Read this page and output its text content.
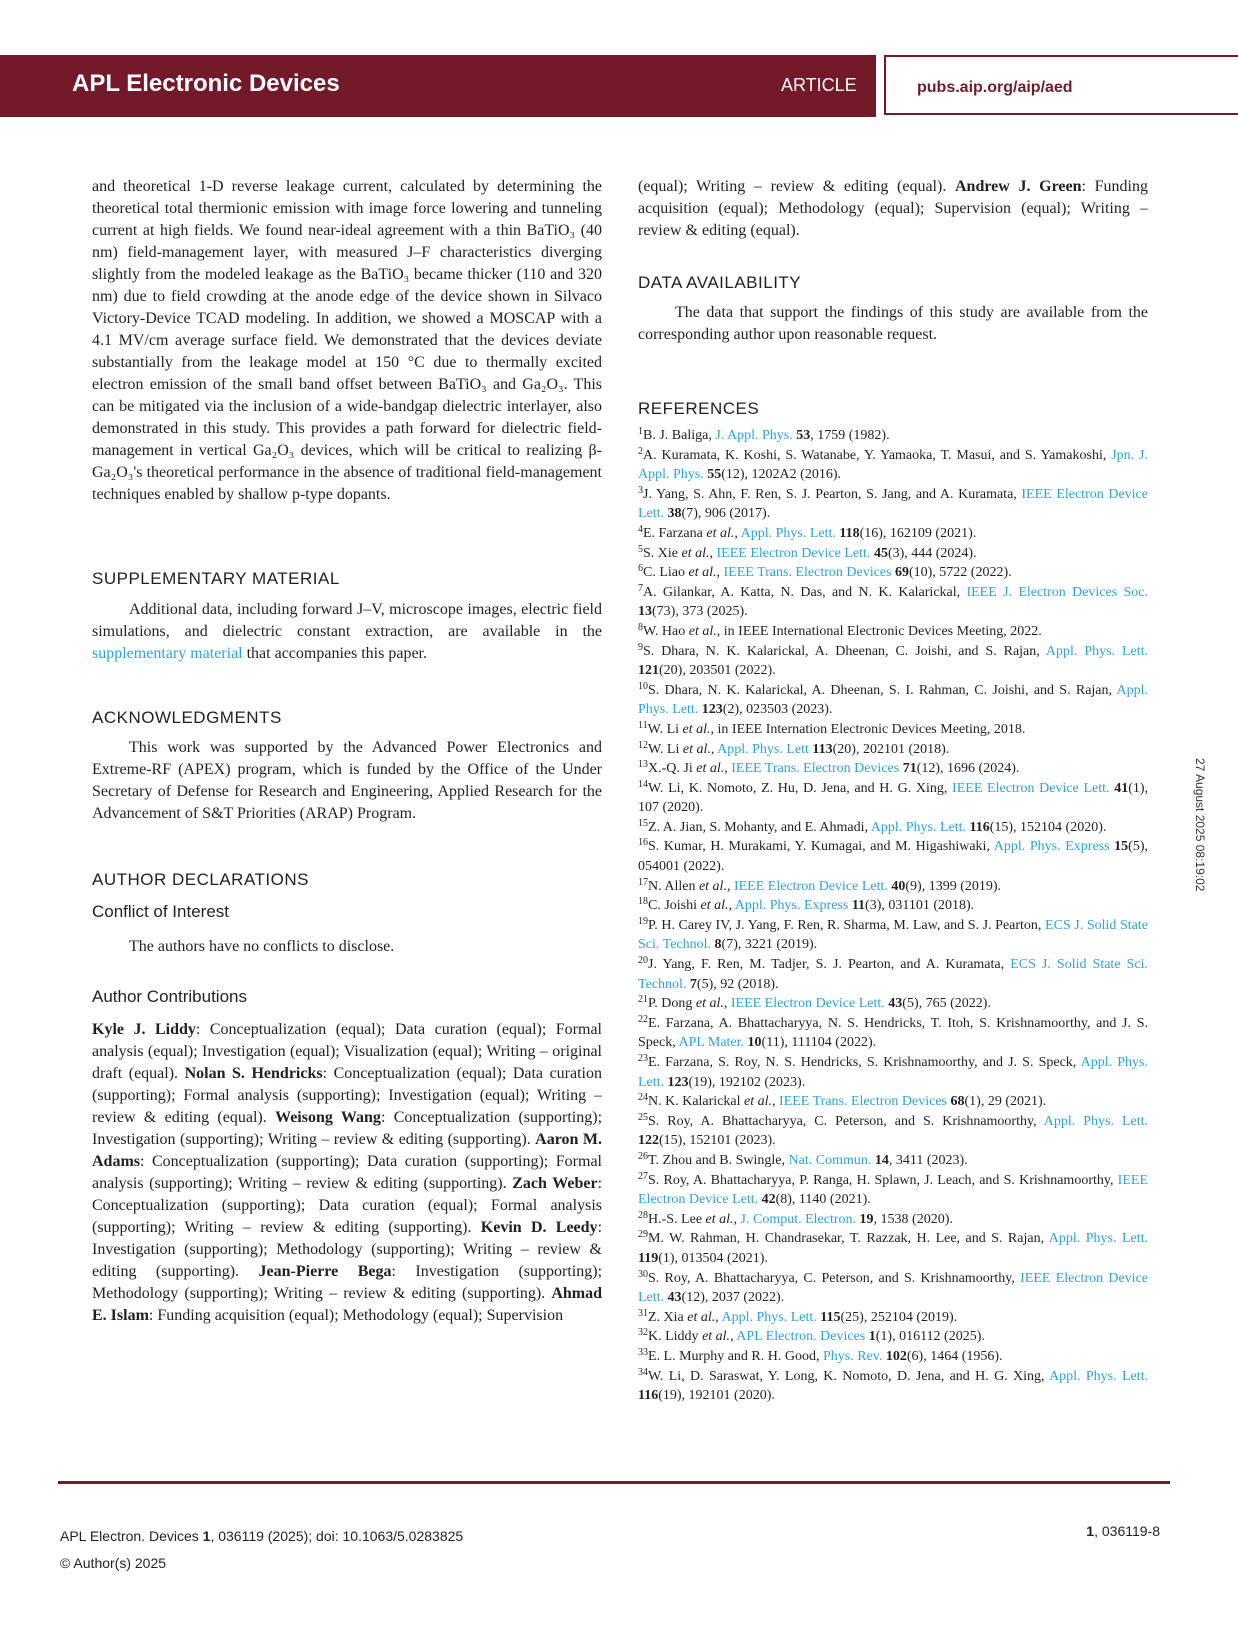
APL Electronic Devices	ARTICLE	pubs.aip.org/aip/aed

and theoretical 1-D reverse leakage current, calculated by determining the theoretical total thermionic emission with image force lowering and tunneling current at high fields. We found near-ideal agreement with a thin BaTiO₃ (40 nm) field-management layer, with measured J–F characteristics diverging slightly from the modeled leakage as the BaTiO₃ became thicker (110 and 320 nm) due to field crowding at the anode edge of the device shown in Silvaco Victory-Device TCAD modeling. In addition, we showed a MOSCAP with a 4.1 MV/cm average surface field. We demonstrated that the devices deviate substantially from the leakage model at 150 °C due to thermally excited electron emission of the small band offset between BaTiO₃ and Ga₂O₃. This can be mitigated via the inclusion of a wide-bandgap dielectric interlayer, also demonstrated in this study. This provides a path forward for dielectric field-management in vertical Ga₂O₃ devices, which will be critical to realizing β-Ga₂O₃'s theoretical performance in the absence of traditional field-management techniques enabled by shallow p-type dopants.

SUPPLEMENTARY MATERIAL

Additional data, including forward J–V, microscope images, electric field simulations, and dielectric constant extraction, are available in the supplementary material that accompanies this paper.

ACKNOWLEDGMENTS

This work was supported by the Advanced Power Electronics and Extreme-RF (APEX) program, which is funded by the Office of the Under Secretary of Defense for Research and Engineering, Applied Research for the Advancement of S&T Priorities (ARAP) Program.

AUTHOR DECLARATIONS
Conflict of Interest

The authors have no conflicts to disclose.

Author Contributions

Kyle J. Liddy: Conceptualization (equal); Data curation (equal); Formal analysis (equal); Investigation (equal); Visualization (equal); Writing – original draft (equal). Nolan S. Hendricks: Conceptualization (equal); Data curation (supporting); Formal analysis (supporting); Investigation (equal); Writing – review & editing (equal). Weisong Wang: Conceptualization (supporting); Investigation (supporting); Writing – review & editing (supporting). Aaron M. Adams: Conceptualization (supporting); Data curation (supporting); Formal analysis (supporting); Writing – review & editing (supporting). Zach Weber: Conceptualization (supporting); Data curation (equal); Formal analysis (supporting); Writing – review & editing (supporting). Kevin D. Leedy: Investigation (supporting); Methodology (supporting); Writing – review & editing (supporting). Jean-Pierre Bega: Investigation (supporting); Methodology (supporting); Writing – review & editing (supporting). Ahmad E. Islam: Funding acquisition (equal); Methodology (equal); Supervision

(equal); Writing – review & editing (equal). Andrew J. Green: Funding acquisition (equal); Methodology (equal); Supervision (equal); Writing – review & editing (equal).

DATA AVAILABILITY

The data that support the findings of this study are available from the corresponding author upon reasonable request.

REFERENCES

$^1$B. J. Baliga, J. Appl. Phys. 53, 1759 (1982).

$^2$A. Kuramata, K. Koshi, S. Watanabe, Y. Yamaoka, T. Masui, and S. Yamakoshi, Jpn. J. Appl. Phys. 55(12), 1202A2 (2016).

$^3$J. Yang, S. Ahn, F. Ren, S. J. Pearton, S. Jang, and A. Kuramata, IEEE Electron Device Lett. 38(7), 906 (2017).

$^4$E. Farzana et al., Appl. Phys. Lett. 118(16), 162109 (2021).

$^5$S. Xie et al., IEEE Electron Device Lett. 45(3), 444 (2024).

$^6$C. Liao et al., IEEE Trans. Electron Devices 69(10), 5722 (2022).

$^7$A. Gilankar, A. Katta, N. Das, and N. K. Kalarickal, IEEE J. Electron Devices Soc. 13(73), 373 (2025).

$^8$W. Hao et al., in IEEE International Electronic Devices Meeting, 2022.

$^9$S. Dhara, N. K. Kalarickal, A. Dheenan, C. Joishi, and S. Rajan, Appl. Phys. Lett. 121(20), 203501 (2022).

$^{10}$S. Dhara, N. K. Kalarickal, A. Dheenan, S. I. Rahman, C. Joishi, and S. Rajan, Appl. Phys. Lett. 123(2), 023503 (2023).

$^{11}$W. Li et al., in IEEE Internation Electronic Devices Meeting, 2018.

$^{12}$W. Li et al., Appl. Phys. Lett 113(20), 202101 (2018).

$^{13}$X.-Q. Ji et al., IEEE Trans. Electron Devices 71(12), 1696 (2024).

$^{14}$W. Li, K. Nomoto, Z. Hu, D. Jena, and H. G. Xing, IEEE Electron Device Lett. 41(1), 107 (2020).

$^{15}$Z. A. Jian, S. Mohanty, and E. Ahmadi, Appl. Phys. Lett. 116(15), 152104 (2020).

$^{16}$S. Kumar, H. Murakami, Y. Kumagai, and M. Higashiwaki, Appl. Phys. Express 15(5), 054001 (2022).

$^{17}$N. Allen et al., IEEE Electron Device Lett. 40(9), 1399 (2019).

$^{18}$C. Joishi et al., Appl. Phys. Express 11(3), 031101 (2018).

$^{19}$P. H. Carey IV, J. Yang, F. Ren, R. Sharma, M. Law, and S. J. Pearton, ECS J. Solid State Sci. Technol. 8(7), 3221 (2019).

$^{20}$J. Yang, F. Ren, M. Tadjer, S. J. Pearton, and A. Kuramata, ECS J. Solid State Sci. Technol. 7(5), 92 (2018).

$^{21}$P. Dong et al., IEEE Electron Device Lett. 43(5), 765 (2022).

$^{22}$E. Farzana, A. Bhattacharyya, N. S. Hendricks, T. Itoh, S. Krishnamoorthy, and J. S. Speck, APL Mater. 10(11), 111104 (2022).

$^{23}$E. Farzana, S. Roy, N. S. Hendricks, S. Krishnamoorthy, and J. S. Speck, Appl. Phys. Lett. 123(19), 192102 (2023).

$^{24}$N. K. Kalarickal et al., IEEE Trans. Electron Devices 68(1), 29 (2021).

$^{25}$S. Roy, A. Bhattacharyya, C. Peterson, and S. Krishnamoorthy, Appl. Phys. Lett. 122(15), 152101 (2023).

$^{26}$T. Zhou and B. Swingle, Nat. Commun. 14, 3411 (2023).

$^{27}$S. Roy, A. Bhattacharyya, P. Ranga, H. Splawn, J. Leach, and S. Krishnamoorthy, IEEE Electron Device Lett. 42(8), 1140 (2021).

$^{28}$H.-S. Lee et al., J. Comput. Electron. 19, 1538 (2020).

$^{29}$M. W. Rahman, H. Chandrasekar, T. Razzak, H. Lee, and S. Rajan, Appl. Phys. Lett. 119(1), 013504 (2021).

$^{30}$S. Roy, A. Bhattacharyya, C. Peterson, and S. Krishnamoorthy, IEEE Electron Device Lett. 43(12), 2037 (2022).

$^{31}$Z. Xia et al., Appl. Phys. Lett. 115(25), 252104 (2019).

$^{32}$K. Liddy et al., APL Electron. Devices 1(1), 016112 (2025).

$^{33}$E. L. Murphy and R. H. Good, Phys. Rev. 102(6), 1464 (1956).

$^{34}$W. Li, D. Saraswat, Y. Long, K. Nomoto, D. Jena, and H. G. Xing, Appl. Phys. Lett. 116(19), 192101 (2020).

27 August 2025 08:19:02
APL Electron. Devices 1, 036119 (2025); doi: 10.1063/5.0283825
© Author(s) 2025
1, 036119-8
